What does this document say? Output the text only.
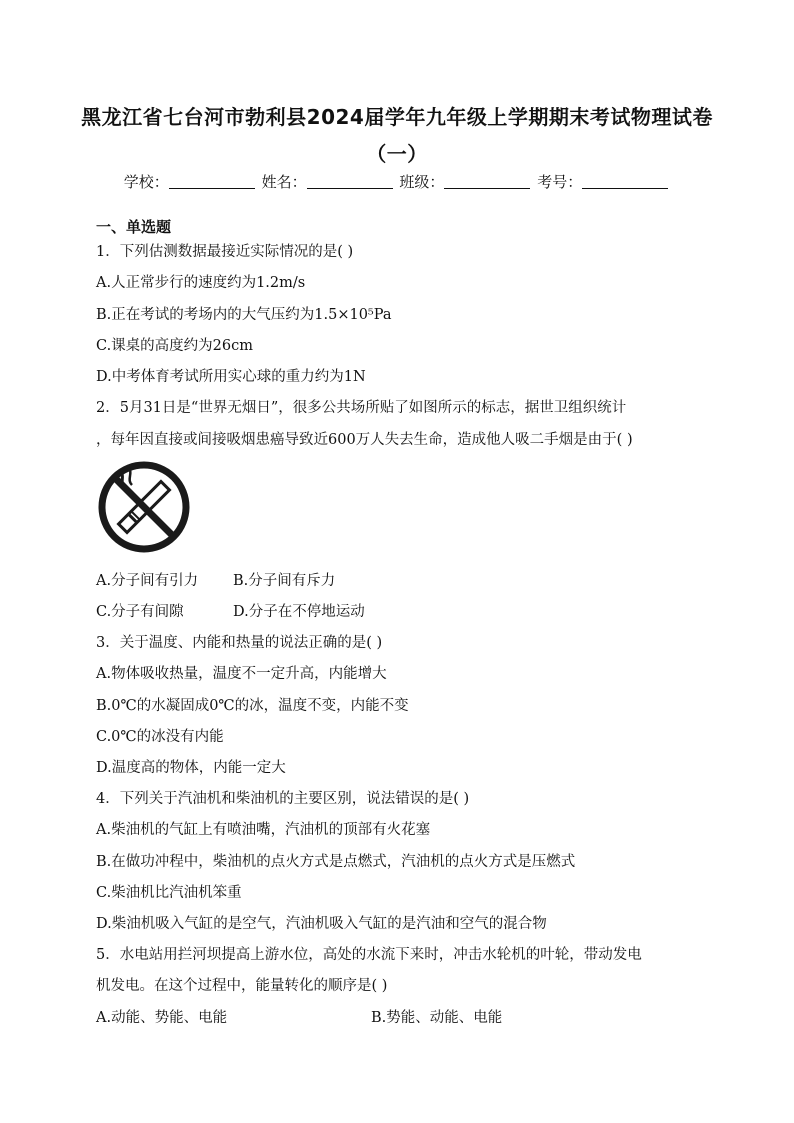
黑龙江省七台河市勃利县2024届学年九年级上学期期末考试物理试卷
（一）
学校：	姓名：	班级：	考号：
一、单选题
1．下列估测数据最接近实际情况的是( )
A.人正常步行的速度约为1.2m/s
B.正在考试的考场内的大气压约为1.5×10⁵Pa
C.课桌的高度约为26cm
D.中考体育考试所用实心球的重力约为1N
2．5月31日是“世界无烟日”，很多公共场所贴了如图所示的标志，据世卫组织统计
，每年因直接或间接吸烟患癌导致近600万人失去生命，造成他人吸二手烟是由于( )
A.分子间有引力 B.分子间有斥力
C.分子有间隙	D.分子在不停地运动
3．关于温度、内能和热量的说法正确的是( )
A.物体吸收热量，温度不一定升高，内能增大
B.0℃的水凝固成0℃的冰，温度不变，内能不变
C.0℃的冰没有内能
D.温度高的物体，内能一定大
4．下列关于汽油机和柴油机的主要区别，说法错误的是( )
A.柴油机的气缸上有喷油嘴，汽油机的顶部有火花塞
B.在做功冲程中，柴油机的点火方式是点燃式，汽油机的点火方式是压燃式
C.柴油机比汽油机笨重
D.柴油机吸入气缸的是空气，汽油机吸入气缸的是汽油和空气的混合物
5．水电站用拦河坝提高上游水位，高处的水流下来时，冲击水轮机的叶轮，带动发电
机发电。在这个过程中，能量转化的顺序是( )
A.动能、势能、电能	B.势能、动能、电能
